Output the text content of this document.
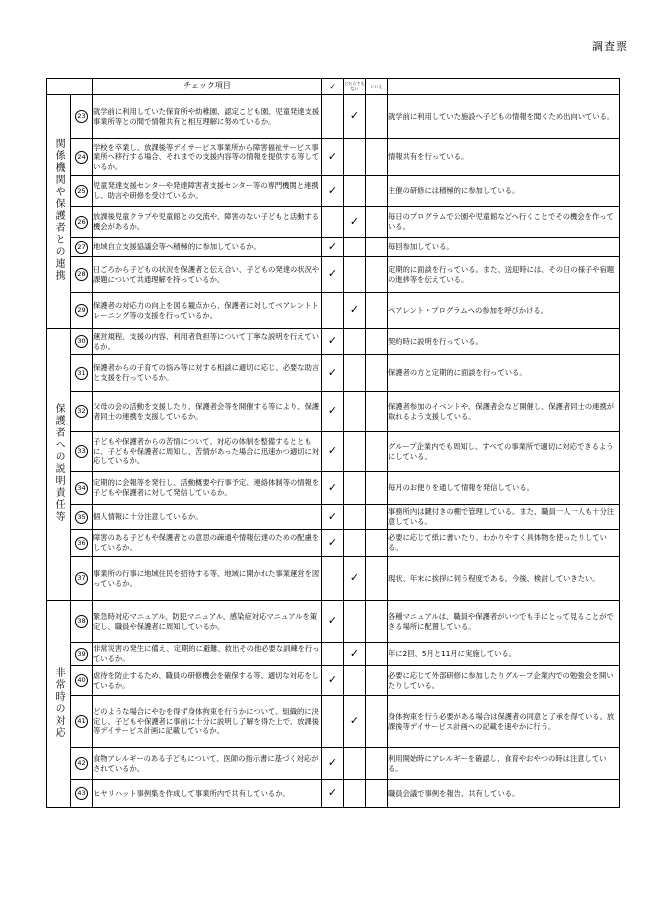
調査票
		チェック項目	✓	どちらでもない	いいえ	
関係機関や保護者との連携	23	就学前に利用していた保育所や幼稚園、認定こども園、児童発達支援事業所等との間で情報共有と相互理解に努めているか。		✓		就学前に利用していた施設へ子どもの情報を聞くため出向いている。
	24	学校を卒業し、放課後等デイサービス事業所から障害福祉サービス事業所へ移行する場合、それまでの支援内容等の情報を提供する等しているか。	✓			情報共有を行っている。
	25	児童発達支援センターや発達障害者支援センター等の専門機関と連携し、助言や研修を受けているか。	✓			主催の研修には積極的に参加している。
	26	放課後児童クラブや児童館との交流や、障害のない子どもと活動する機会があるか。		✓		毎日のプログラムで公園や児童館などへ行くことでその機会を作っている。
	27	地域自立支援協議会等へ積極的に参加しているか。	✓			毎回参加している。
	28	日ごろから子どもの状況を保護者と伝え合い、子どもの発達の状況や課題について共通理解を持っているか。	✓			定期的に面談を行っている。また、送迎時には、その日の様子や宿題の進捗等を伝えている。
	29	保護者の対応力の向上を図る観点から、保護者に対してペアレントトレーニング等の支援を行っているか。		✓		ペアレント・プログラムへの参加を呼びかける。
保護者への説明責任等	30	運営規程、支援の内容、利用者負担等について丁寧な説明を行えているか。	✓			契約時に説明を行っている。
	31	保護者からの子育ての悩み等に対する相談に適切に応じ、必要な助言と支援を行っているか。	✓			保護者の方と定期的に面談を行っている。
	32	父母の会の活動を支援したり、保護者会等を開催する等により、保護者同士の連携を支援しているか。	✓			保護者参加のイベントや、保護者会など開催し、保護者同士の連携が取れるよう支援している。
	33	子どもや保護者からの苦情について、対応の体制を整備するとともに、子どもや保護者に周知し、苦情があった場合に迅速かつ適切に対応しているか。	✓			グループ企業内でも周知し、すべての事業所で適切に対応できるようにしている。
	34	定期的に会報等を発行し、活動概要や行事予定、連絡体制等の情報を子どもや保護者に対して発信しているか。	✓			毎月のお便りを通して情報を発信している。
	35	個人情報に十分注意しているか。	✓			事務所内は鍵付きの棚で管理している。また、職員一人一人も十分注意している。
	36	障害のある子どもや保護者との意思の疎通や情報伝達のための配慮をしているか。	✓			必要に応じて紙に書いたり、わかりやすく具体物を使ったりしている。
	37	事業所の行事に地域住民を招待する等、地域に開かれた事業運営を図っているか。		✓		現状、年末に挨拶に伺う程度である。今後、検討していきたい。
非常時の対応	38	緊急時対応マニュアル、防犯マニュアル、感染症対応マニュアルを策定し、職員や保護者に周知しているか。	✓			各種マニュアルは、職員や保護者がいつでも手にとって見ることができる場所に配置している。
	39	非常災害の発生に備え、定期的に避難、救出その他必要な訓練を行っているか。		✓		年に2回、5月と11月に実施している。
	40	虐待を防止するため、職員の研修機会を確保する等、適切な対応をしているか。	✓			必要に応じて外部研修に参加したりグループ企業内での勉強会を開いたりしている。
	41	どのような場合にやむを得ず身体拘束を行うかについて、組織的に決定し、子どもや保護者に事前に十分に説明し了解を得た上で、放課後等デイサービス計画に記載しているか。		✓		身体拘束を行う必要がある場合は保護者の同意と了承を得ている。放課後等デイサービス計画への記載を速やかに行う。
	42	食物アレルギーのある子どもについて、医師の指示書に基づく対応がされているか。	✓			利用開始時にアレルギーを確認し、食育やおやつの時は注意している。
	43	ヒヤリハット事例集を作成して事業所内で共有しているか。	✓			職員会議で事例を報告、共有している。
